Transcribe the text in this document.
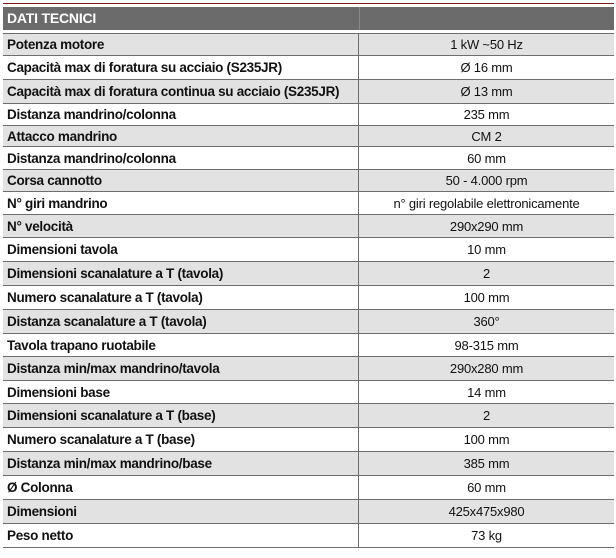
DATI TECNICI
Potenza motore	1 kW ~50 Hz
Capacità max di foratura su acciaio (S235JR)	Ø 16 mm
Capacità max di foratura continua su acciaio (S235JR)	Ø 13 mm
Distanza mandrino/colonna	235 mm
Attacco mandrino	CM 2
Distanza mandrino/colonna	60 mm
Corsa cannotto	50 - 4.000 rpm
N° giri mandrino	n° giri regolabile elettronicamente
N° velocità	290x290 mm
Dimensioni tavola	10 mm
Dimensioni scanalature a T (tavola)	2
Numero scanalature a T (tavola)	100 mm
Distanza scanalature a T (tavola)	360°
Tavola trapano ruotabile	98-315 mm
Distanza min/max mandrino/tavola	290x280 mm
Dimensioni base	14 mm
Dimensioni scanalature a T (base)	2
Numero scanalature a T (base)	100 mm
Distanza min/max mandrino/base	385 mm
Ø Colonna	60 mm
Dimensioni	425x475x980
Peso netto	73 kg
